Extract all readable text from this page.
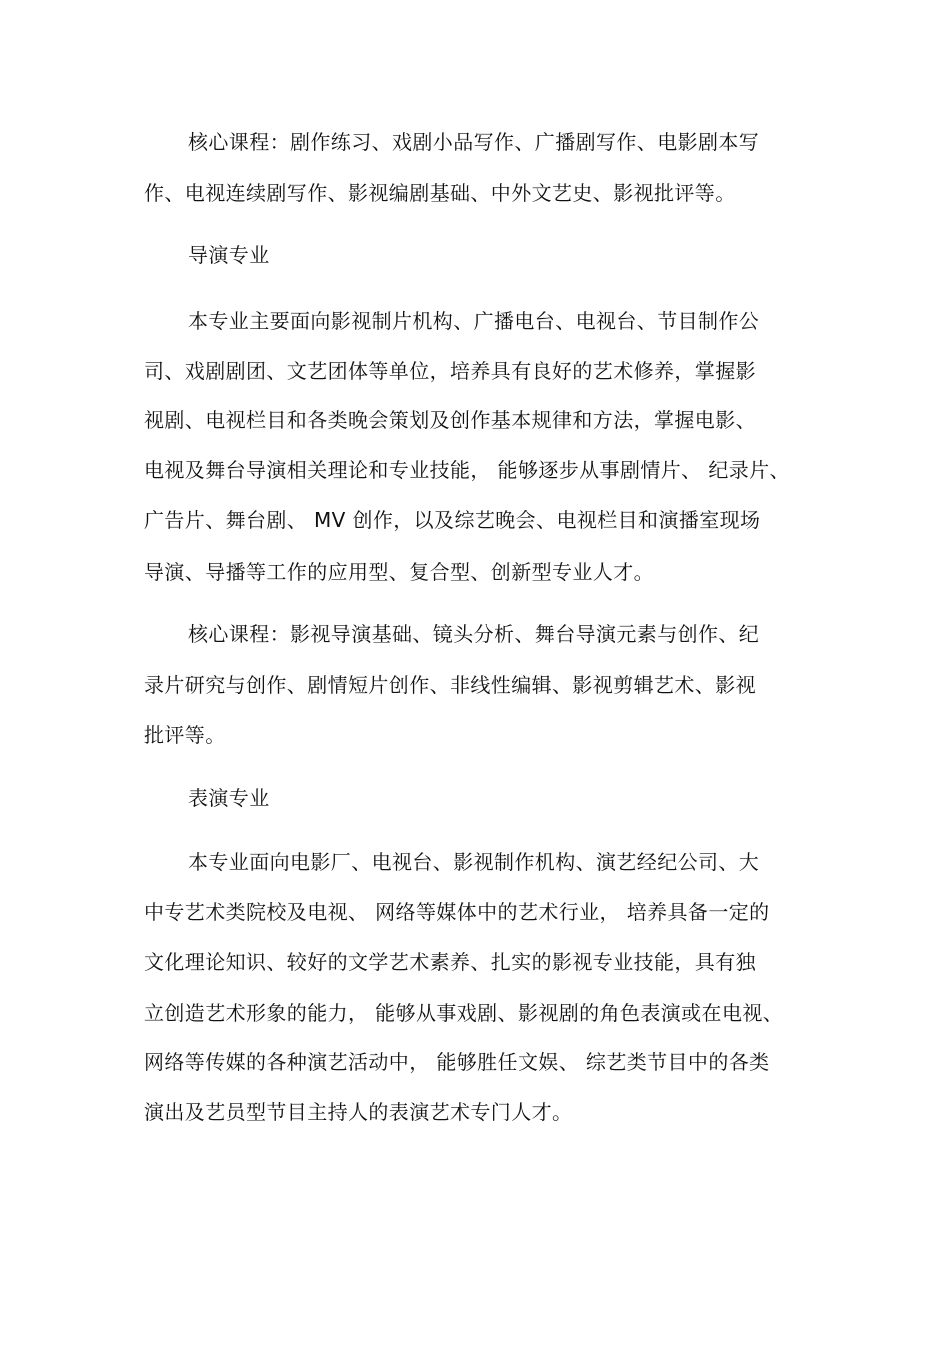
核心课程：剧作练习、戏剧小品写作、广播剧写作、电影剧本写
作、电视连续剧写作、影视编剧基础、中外文艺史、影视批评等。
导演专业
本专业主要面向影视制片机构、广播电台、电视台、节目制作公
司、戏剧剧团、文艺团体等单位，培养具有良好的艺术修养，掌握影
视剧、电视栏目和各类晚会策划及创作基本规律和方法，掌握电影、
电视及舞台导演相关理论和专业技能， 能够逐步从事剧情片、 纪录片、
广告片、舞台剧、 MV 创作，以及综艺晚会、电视栏目和演播室现场
导演、导播等工作的应用型、复合型、创新型专业人才。
核心课程：影视导演基础、镜头分析、舞台导演元素与创作、纪
录片研究与创作、剧情短片创作、非线性编辑、影视剪辑艺术、影视
批评等。
表演专业
本专业面向电影厂、电视台、影视制作机构、演艺经纪公司、大
中专艺术类院校及电视、 网络等媒体中的艺术行业， 培养具备一定的
文化理论知识、较好的文学艺术素养、扎实的影视专业技能，具有独
立创造艺术形象的能力， 能够从事戏剧、影视剧的角色表演或在电视、
网络等传媒的各种演艺活动中， 能够胜任文娱、 综艺类节目中的各类
演出及艺员型节目主持人的表演艺术专门人才。
